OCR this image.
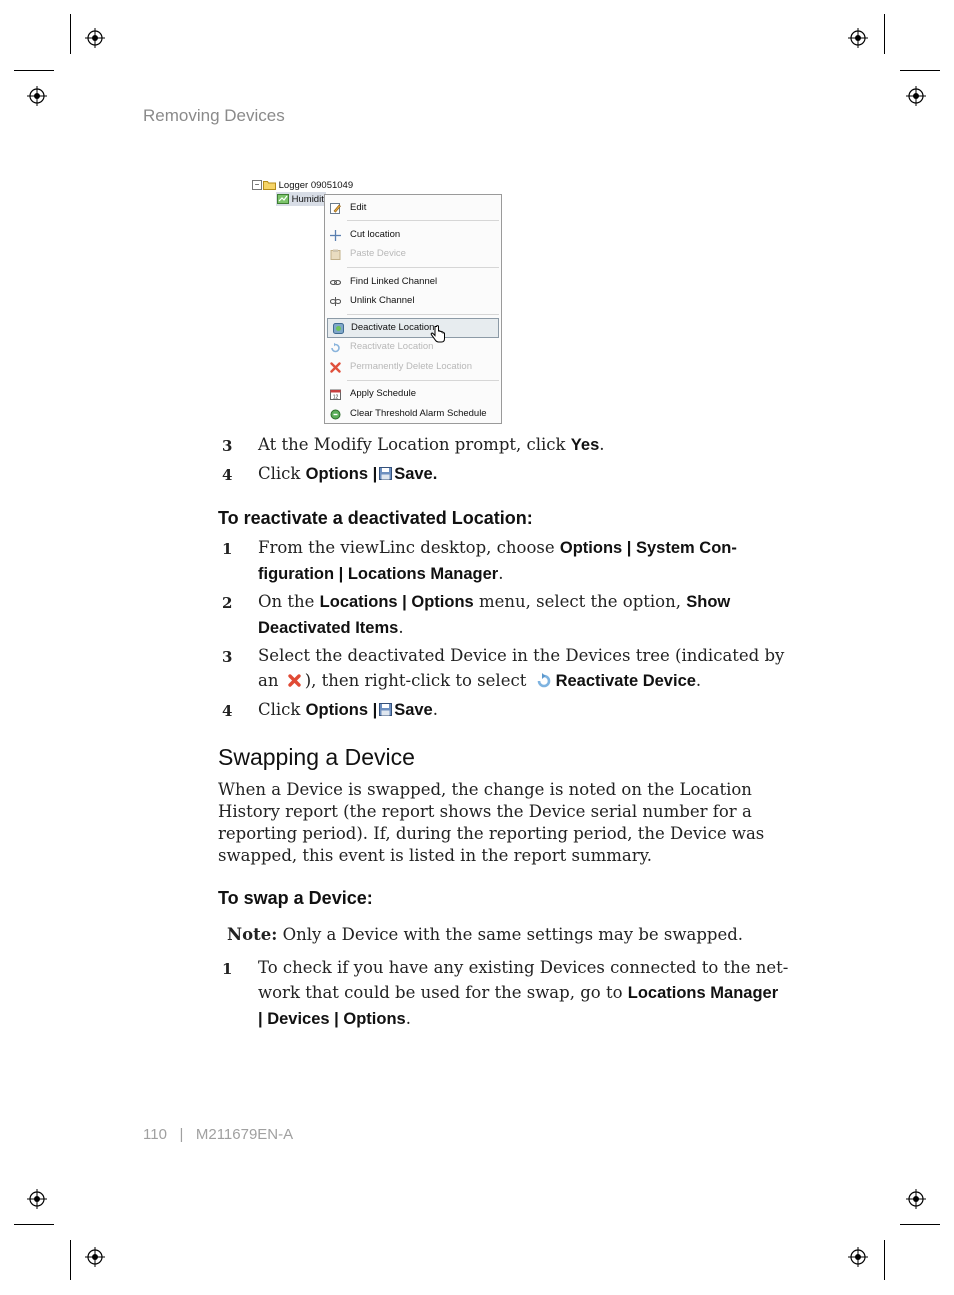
Removing Devices
− Logger 09051049
Humidit
Edit
Cut location
Paste Device
Find Linked Channel
Unlink Channel
Deactivate Location
Reactivate Location
Permanently Delete Location
12 Apply Schedule
Clear Threshold Alarm Schedule
3 At the Modify Location prompt, click Yes.
4 Click Options | Save.
To reactivate a deactivated Location:
1 From the viewLinc desktop, choose Options | System Con-
figuration | Locations Manager.
2 On the Locations | Options menu, select the option, Show
Deactivated Items.
3 Select the deactivated Device in the Devices tree (indicated by
an ), then right-click to select Reactivate Device.
4 Click Options | Save.
Swapping a Device
When a Device is swapped, the change is noted on the Location
History report (the report shows the Device serial number for a
reporting period). If, during the reporting period, the Device was
swapped, this event is listed in the report summary.
To swap a Device:
Note: Only a Device with the same settings may be swapped.
1 To check if you have any existing Devices connected to the net-
work that could be used for the swap, go to Locations Manager
| Devices | Options.
110 | M211679EN-A
